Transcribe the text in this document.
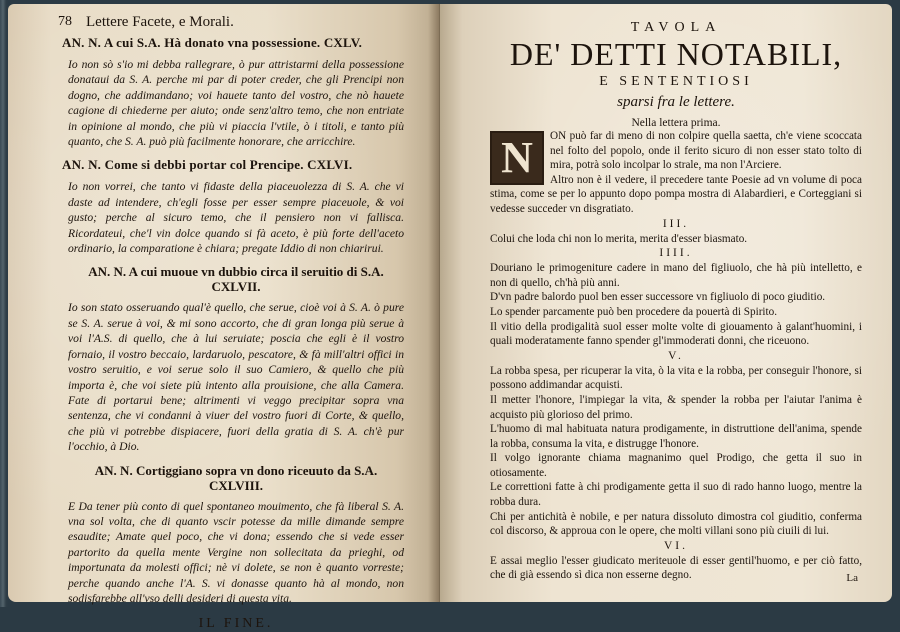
78 Lettere Facete, e Morali.
AN. N. A cui S.A. Hà donato vna possessione. CXLV.

Io non sò s'io mi debba rallegrare, ò pur attristarmi della possessione donataui da S. A. perche mi par di poter creder, che gli Prencipi non dogno, che addimandano; voi hauete tanto del vostro, che nò hauete cagione di chiederne per aiuto; onde senz'altro temo, che non entriate in opinione al mondo, che più vi piaccia l'vtile, ò i titoli, e tanto più quanto, che S. A. può più facilmente honorare, che arricchire.

AN. N. Come si debbi portar col Prencipe. CXLVI.

Io non vorrei, che tanto vi fidaste della piaceuolezza di S. A. che vi daste ad intendere, ch'egli fosse per esser sempre piaceuole, & voi gusto; perche al sicuro temo, che il pensiero non vi fallisca. Ricordateui, che'l vin dolce quando si fà aceto, è più forte dell'aceto ordinario, la comparatione è chiara; pregate Iddio di non chiarirui.

AN. N. A cui muoue vn dubbio circa il seruitio di S.A. CXLVII.

Io son stato osseruando qual'è quello, che serue, cioè voi à S. A. ò pure se S. A. serue à voi, & mi sono accorto, che di gran longa più serue à voi l'A.S. di quello, che à lui seruiate; poscia che egli è il vostro fornaio, il vostro beccaio, lardaruolo, pescatore, & fà mill'altri offici in vostro seruitio, e voi serue solo il suo Camiero, & quello che più importa è, che voi siete più intento alla prouisione, che alla Camera. Fate di portarui bene; altrimenti vi veggo precipitar sopra vna sentenza, che vi condanni à viuer del vostro fuori di Corte, & quello, che più vi potrebbe dispiacere, fuori della gratia di S. A. ch'è pur l'occhio, à Dio.

AN. N. Cortiggiano sopra vn dono riceuuto da S.A. CXLVIII.

E Da tener più conto di quel spontaneo mouimento, che fà liberal S. A. vna sol volta, che di quanto vscir potesse da mille dimande sempre esaudite; Amate quel poco, che vi dona; essendo che si vede esser partorito da quella mente Vergine non sollecitata da prieghi, od importunata da molesti offici; nè vi dolete, se non è quanto vorreste; perche quando anche l'A. S. vi donasse quanto hà al mondo, non sodisfarebbe all'vso delli desideri di questa vita.

IL FINE.
TAVOLA
DE' DETTI NOTABILI,
E SENTENTIOSI
sparsi fra le lettere.
Nella lettera prima.
N	ON può far di meno di non colpire quella saetta, ch'e viene scoccata nel folto del popolo, onde il ferito sicuro di non esser stato tolto di mira, potrà solo incolpar lo strale, ma non l'Arciere.

Altro non è il vedere, il precedere tante Poesie ad vn volume di poca stima, come se per lo appunto dopo pompa mostra di Alabardieri, e Corteggiani si vedesse succeder vn disgratiato.

III.

Colui che loda chi non lo merita, merita d'esser biasmato.

IIII.

Douriano le primogeniture cadere in mano del figliuolo, che hà più intelletto, e non di quello, ch'hà più anni.

D'vn padre balordo puol ben esser successore vn figliuolo di poco giuditio.

Lo spender parcamente può ben procedere da pouertà di Spirito.

Il vitio della prodigalità suol esser molte volte di giouamento à galant'huomini, i quali moderatamente fanno spender gl'immoderati donni, che riceuono.

V.

La robba spesa, per ricuperar la vita, ò la vita e la robba, per conseguir l'honore, si possono addimandar acquisti.

Il metter l'honore, l'impiegar la vita, & spender la robba per l'aiutar l'anima è acquisto più glorioso del primo.

L'huomo di mal habituata natura prodigamente, in distruttione dell'anima, spende la robba, consuma la vita, e distrugge l'honore.

Il volgo ignorante chiama magnanimo quel Prodigo, che getta il suo in otiosamente.

Le correttioni fatte à chi prodigamente getta il suo di rado hanno luogo, mentre la robba dura.

Chi per antichità è nobile, e per natura dissoluto dimostra col giuditio, conferma col discorso, & approua con le opere, che molti villani sono più ciuili di lui.

VI.

E assai meglio l'esser giudicato meriteuole di esser gentil'huomo, e per ciò fatto, che di già essendo sì dica non esserne degno.	La
